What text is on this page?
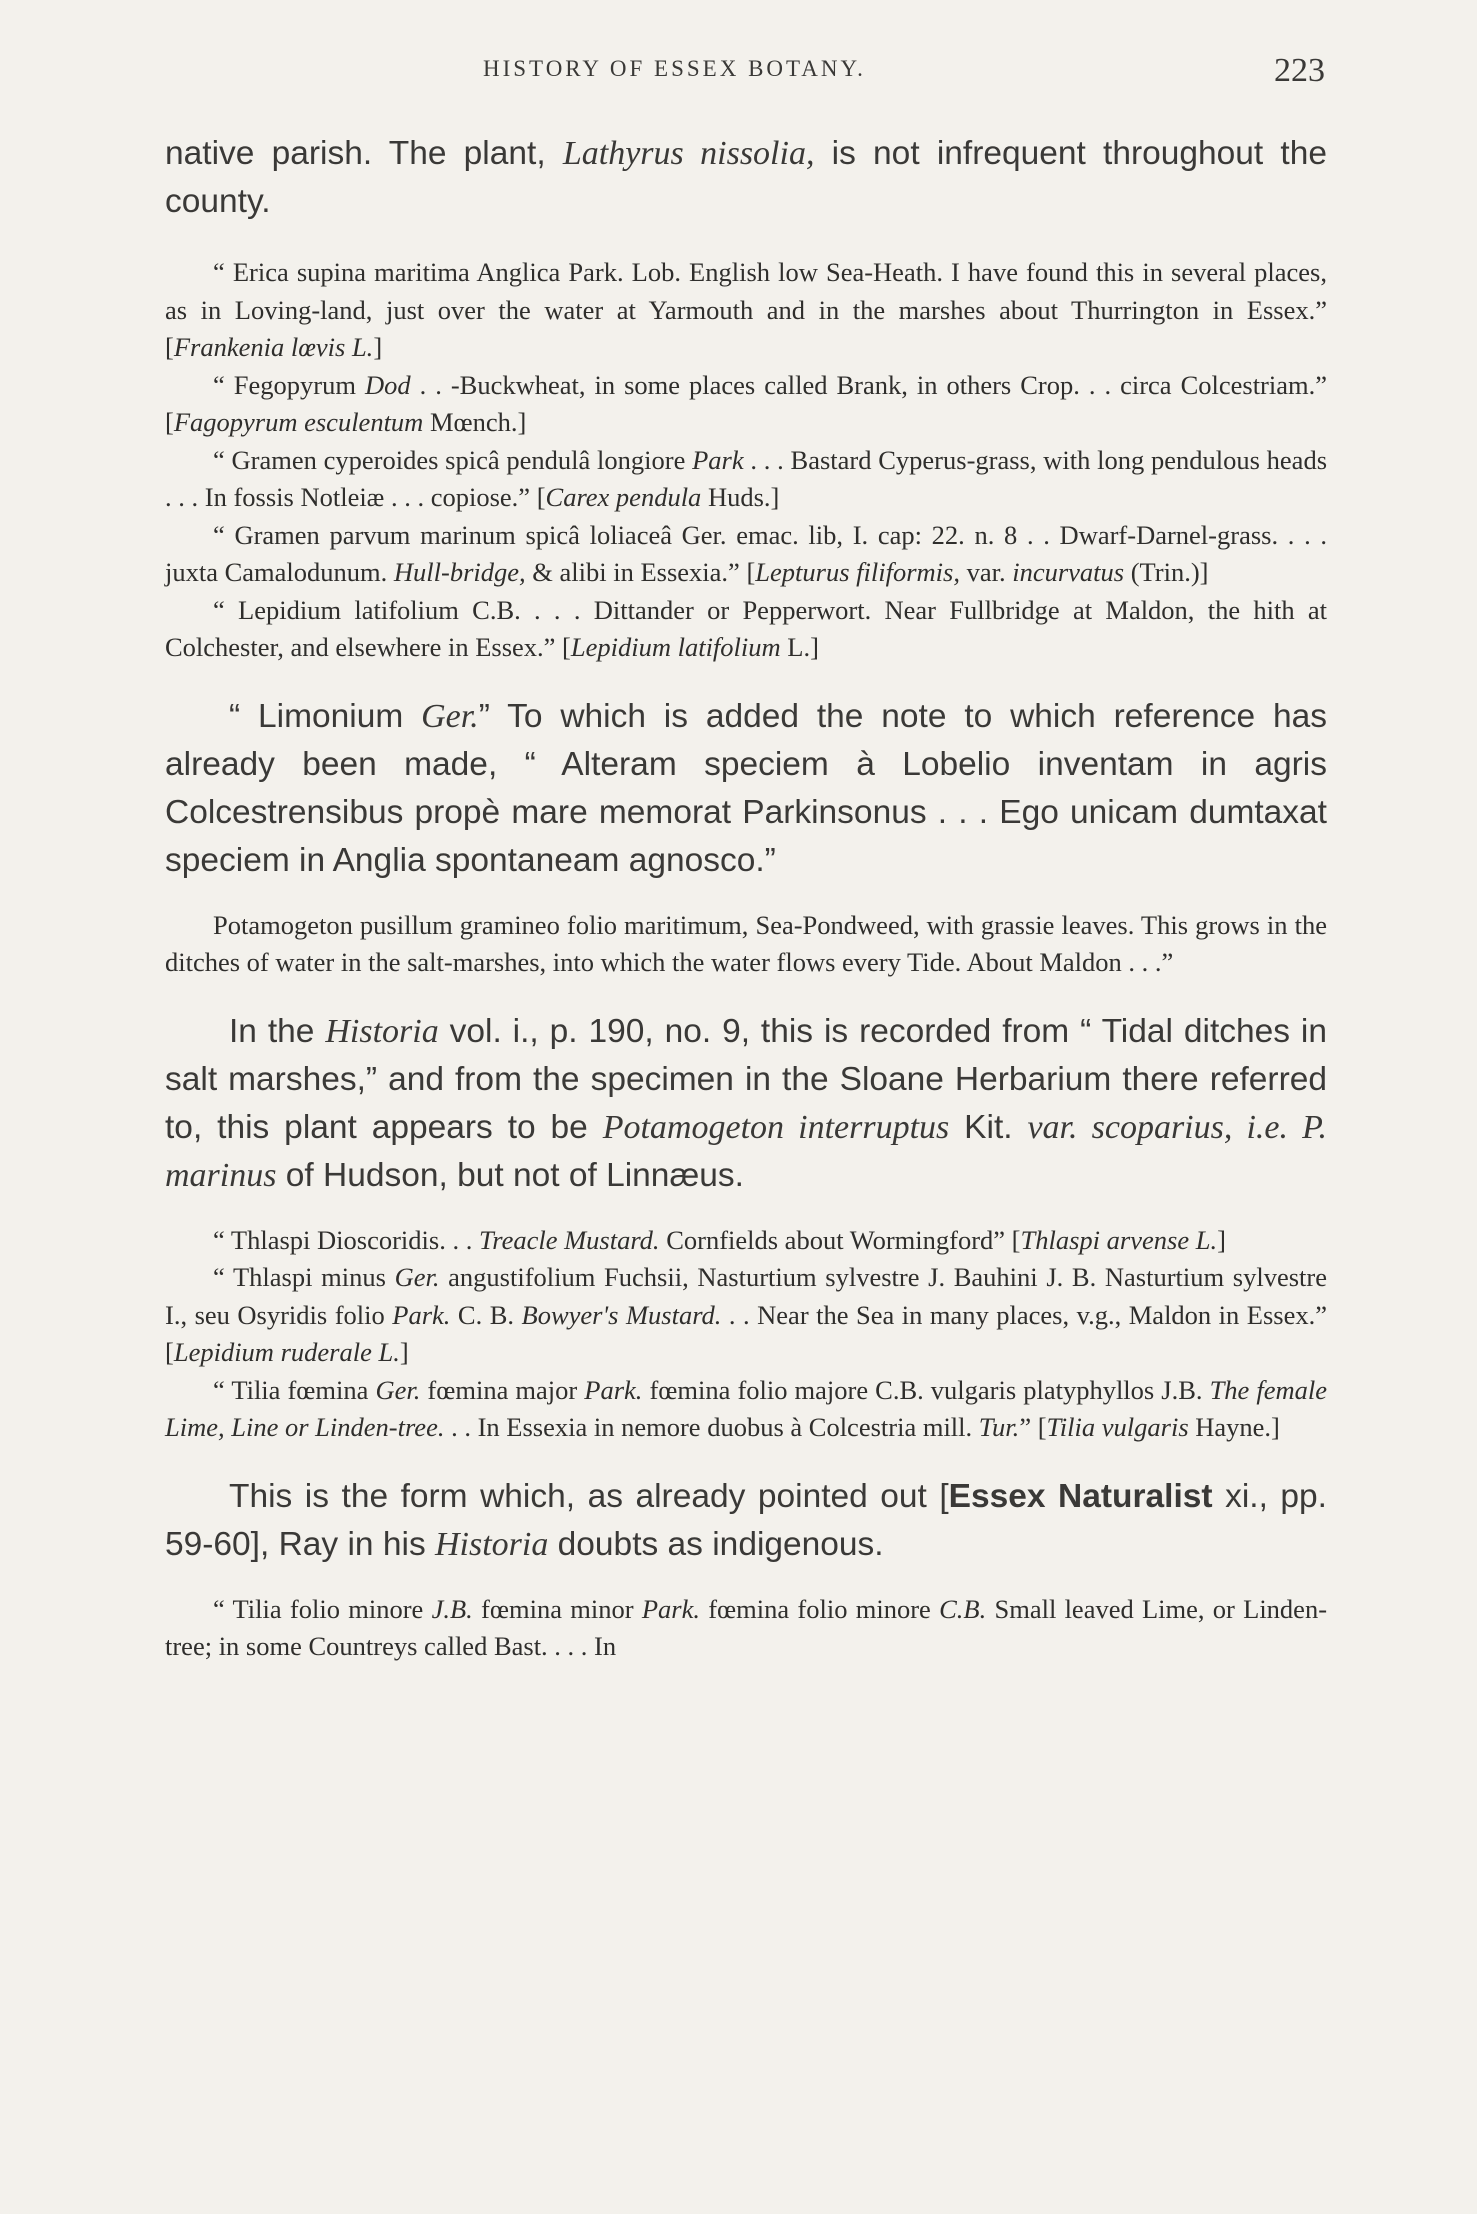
HISTORY OF ESSEX BOTANY.	223

native parish. The plant, Lathyrus nissolia, is not infrequent throughout the county.

“ Erica supina maritima Anglica Park. Lob. English low Sea-Heath. I have found this in several places, as in Loving-land, just over the water at Yarmouth and in the marshes about Thurrington in Essex.” [Frankenia lœvis L.]

“ Fegopyrum Dod . . -Buckwheat, in some places called Brank, in others Crop. . . circa Colcestriam.” [Fagopyrum esculentum Mœnch.]

“ Gramen cyperoides spicâ pendulâ longiore Park . . . Bastard Cyperus-grass, with long pendulous heads . . . In fossis Notleiæ . . . copiose.” [Carex pendula Huds.]

“ Gramen parvum marinum spicâ loliaceâ Ger. emac. lib, I. cap: 22. n. 8 . . Dwarf-Darnel-grass. . . . juxta Camalodunum. Hull-bridge, & alibi in Essexia.” [Lepturus filiformis, var. incurvatus (Trin.)]

“ Lepidium latifolium C.B. . . . Dittander or Pepperwort. Near Fullbridge at Maldon, the hith at Colchester, and elsewhere in Essex.” [Lepidium latifolium L.]

“ Limonium Ger.” To which is added the note to which reference has already been made, “ Alteram speciem à Lobelio inventam in agris Colcestrensibus propè mare memorat Parkinsonus . . . Ego unicam dumtaxat speciem in Anglia spontaneam agnosco.”

Potamogeton pusillum gramineo folio maritimum, Sea-Pondweed, with grassie leaves. This grows in the ditches of water in the salt-marshes, into which the water flows every Tide. About Maldon . . .”

In the Historia vol. i., p. 190, no. 9, this is recorded from “ Tidal ditches in salt marshes,” and from the specimen in the Sloane Herbarium there referred to, this plant appears to be Potamogeton interruptus Kit. var. scoparius, i.e. P. marinus of Hudson, but not of Linnæus.

“ Thlaspi Dioscoridis. . . Treacle Mustard. Cornfields about Wormingford” [Thlaspi arvense L.]

“ Thlaspi minus Ger. angustifolium Fuchsii, Nasturtium sylvestre J. Bauhini J. B. Nasturtium sylvestre I., seu Osyridis folio Park. C. B. Bowyer's Mustard. . . Near the Sea in many places, v.g., Maldon in Essex.” [Lepidium ruderale L.]

“ Tilia fœmina Ger. fœmina major Park. fœmina folio majore C.B. vulgaris platyphyllos J.B. The female Lime, Line or Linden-tree. . . In Essexia in nemore duobus à Colcestria mill. Tur.” [Tilia vulgaris Hayne.]

This is the form which, as already pointed out [Essex Naturalist xi., pp. 59-60], Ray in his Historia doubts as indigenous.

“ Tilia folio minore J.B. fœmina minor Park. fœmina folio minore C.B. Small leaved Lime, or Linden-tree; in some Countreys called Bast. . . . In
